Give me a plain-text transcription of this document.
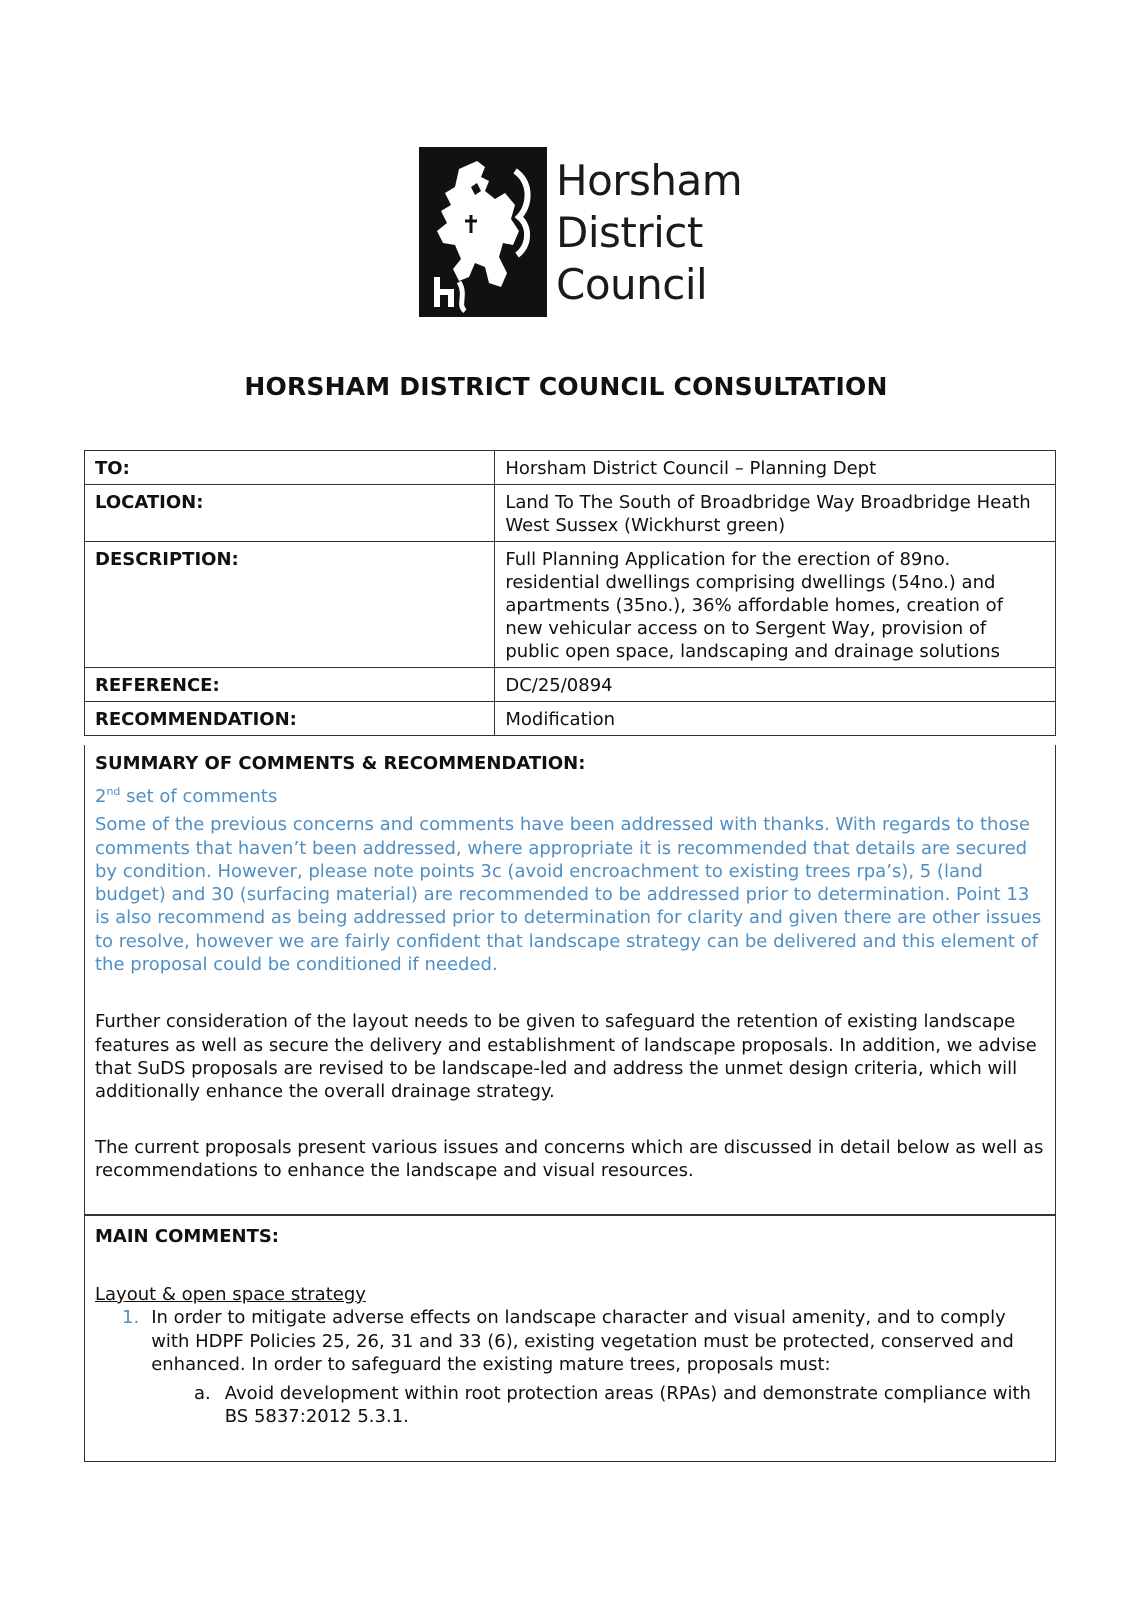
Horsham
District
Council
HORSHAM DISTRICT COUNCIL CONSULTATION
TO:	Horsham District Council – Planning Dept
LOCATION:	Land To The South of Broadbridge Way Broadbridge Heath West Sussex (Wickhurst green)
DESCRIPTION:	Full Planning Application for the erection of 89no. residential dwellings comprising dwellings (54no.) and apartments (35no.), 36% affordable homes, creation of new vehicular access on to Sergent Way, provision of public open space, landscaping and drainage solutions
REFERENCE:	DC/25/0894
RECOMMENDATION:	Modification
SUMMARY OF COMMENTS & RECOMMENDATION:
2nd set of comments
Some of the previous concerns and comments have been addressed with thanks. With regards to those comments that haven’t been addressed, where appropriate it is recommended that details are secured by condition. However, please note points 3c (avoid encroachment to existing trees rpa’s), 5 (land budget) and 30 (surfacing material) are recommended to be addressed prior to determination. Point 13 is also recommend as being addressed prior to determination for clarity and given there are other issues to resolve, however we are fairly confident that landscape strategy can be delivered and this element of the proposal could be conditioned if needed.
Further consideration of the layout needs to be given to safeguard the retention of existing landscape features as well as secure the delivery and establishment of landscape proposals. In addition, we advise that SuDS proposals are revised to be landscape-led and address the unmet design criteria, which will additionally enhance the overall drainage strategy.
The current proposals present various issues and concerns which are discussed in detail below as well as recommendations to enhance the landscape and visual resources.
MAIN COMMENTS:
Layout & open space strategy
1. In order to mitigate adverse effects on landscape character and visual amenity, and to comply with HDPF Policies 25, 26, 31 and 33 (6), existing vegetation must be protected, conserved and enhanced. In order to safeguard the existing mature trees, proposals must:
a. Avoid development within root protection areas (RPAs) and demonstrate compliance with BS 5837:2012 5.3.1.
